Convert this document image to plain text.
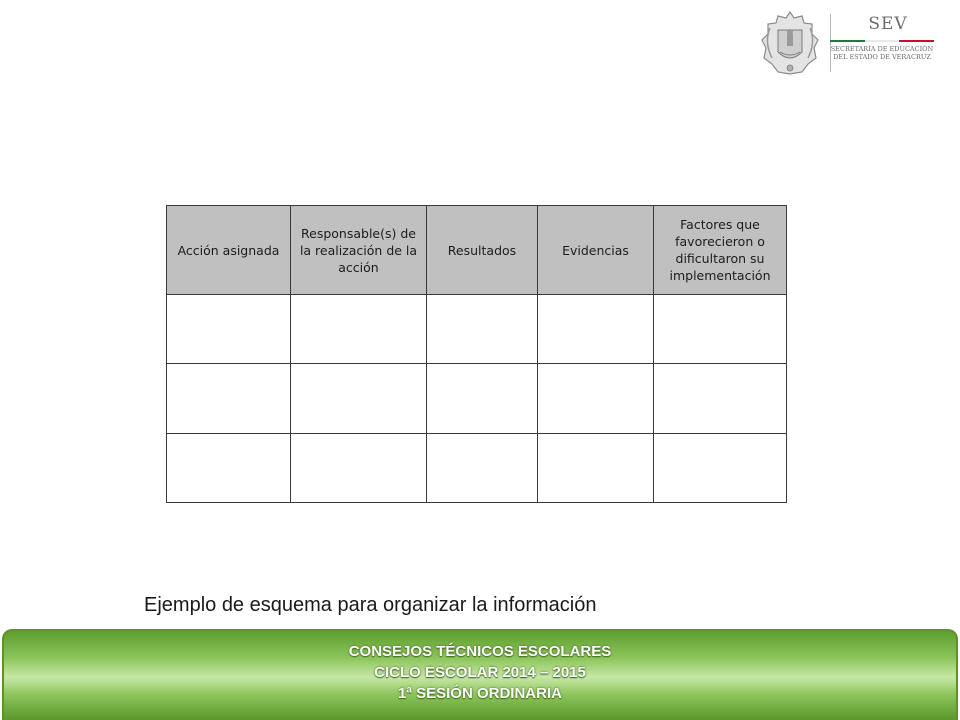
SEV
SECRETARÍA DE EDUCACIÓN
DEL ESTADO DE VERACRUZ
Acción asignada	Responsable(s) de la realización de la acción	Resultados	Evidencias	Factores que favorecieron o dificultaron su implementación

Ejemplo de esquema para organizar la información
CONSEJOS TÉCNICOS ESCOLARES
CICLO ESCOLAR 2014 – 2015
1ª SESIÓN ORDINARIA
